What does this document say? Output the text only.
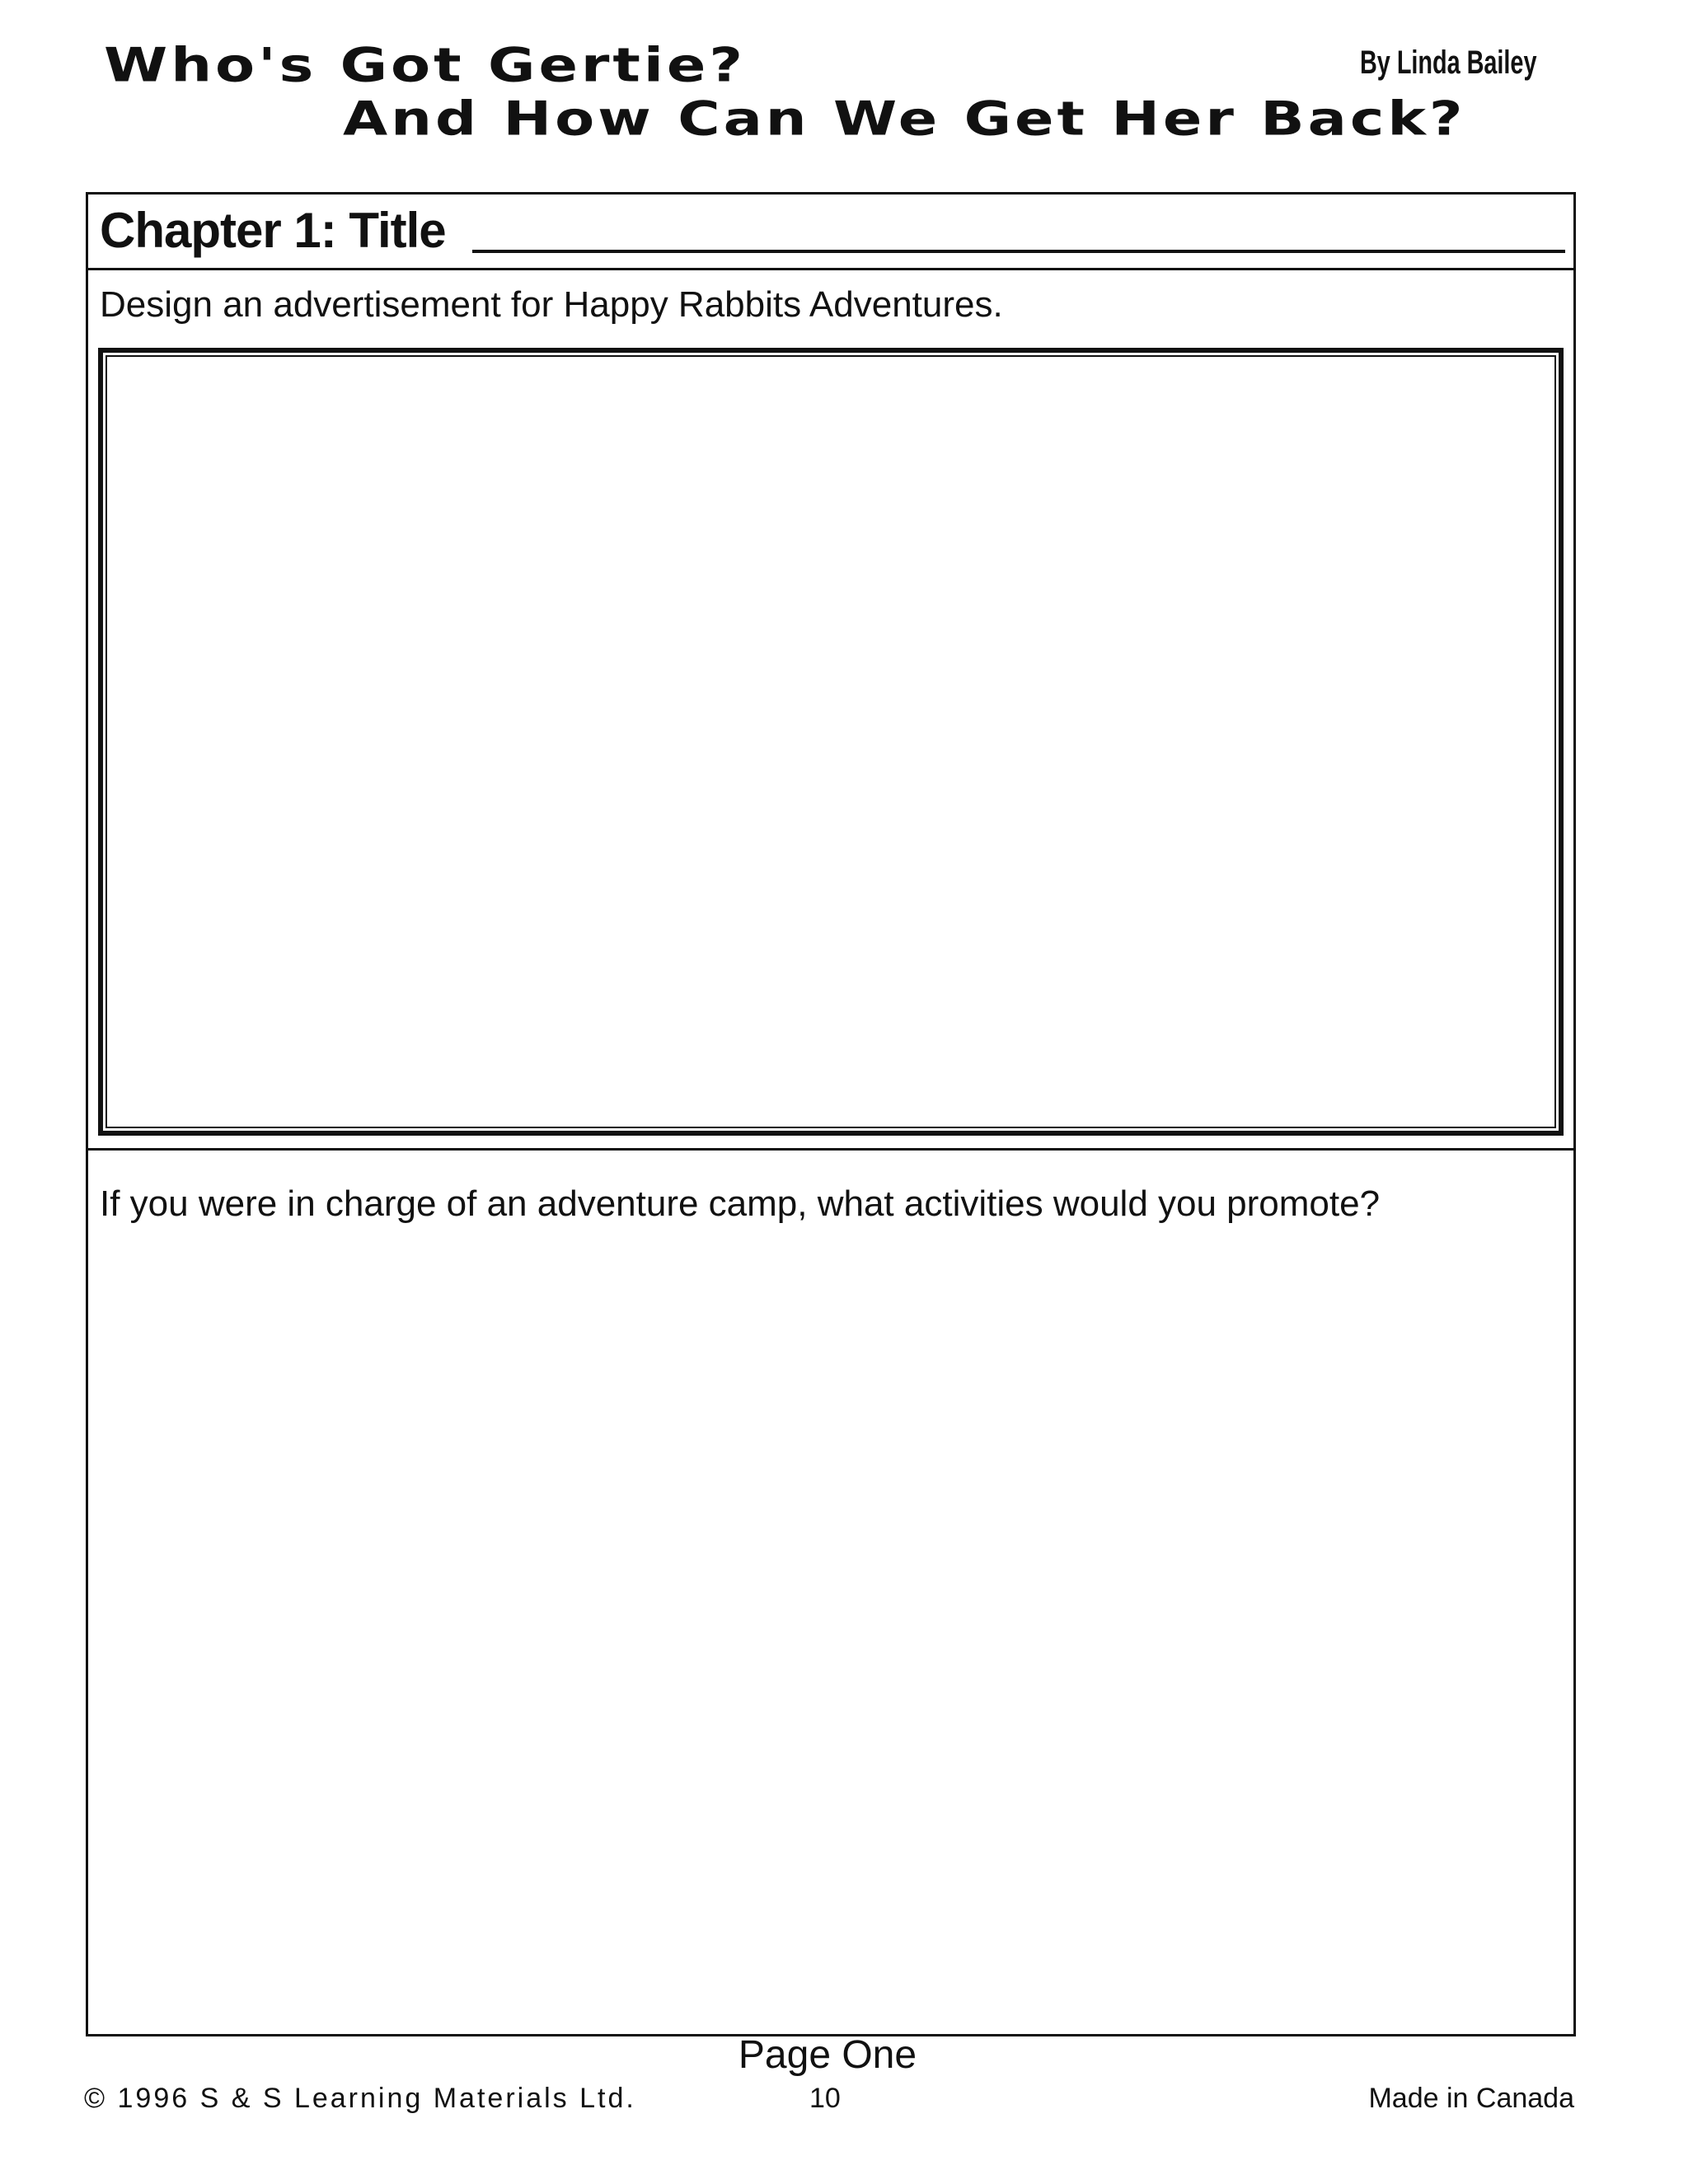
Who's Got Gertie?
And How Can We Get Her Back?
By Linda Bailey
Chapter 1: Title
Design an advertisement for Happy Rabbits Adventures.
If you were in charge of an adventure camp, what activities would you promote?
Page One
© 1996 S & S Learning Materials Ltd.	10	Made in Canada
